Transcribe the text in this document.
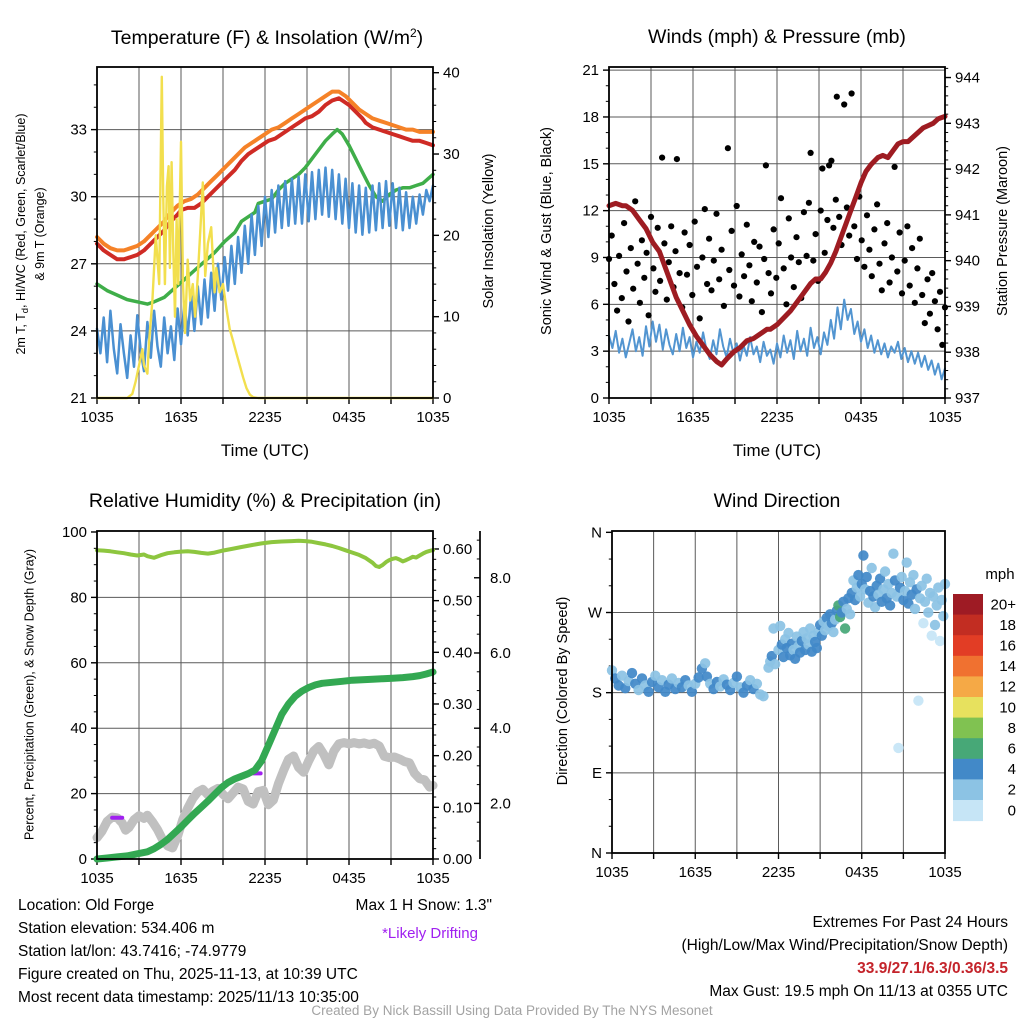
21
24
27
30
33
0
10
20
30
40
1035	1635	2235	0435	1035
0
3
6
9
12
15
18
21
937
938
939
940
941
942
943
944
1035	1635	2235	0435	1035
0
20
40
60
80
100
0.00
0.10
0.20
0.30
0.40
0.50
0.60
2.0
4.0
6.0
8.0
1035	1635	2235	0435	1035
N
E
S
W
N
1035	1635	2235	0435	1035
20+
18
16
14
12
10
8
6
4
2
0
Temperature (F) & Insolation $(W/m^2)$	Winds (mph) & Pressure (mb)
Relative Humidity (%) & Precipitation (in)	Wind Direction
2m T, $T_d$, HI/WC (Red, Green, Scarlet/Blue) & 9m T (Orange)	Solar Insolation (Yellow)	Sonic Wind & Gust (Blue, Black)	Station Pressure (Maroon)
Percent, Precipitation (Green), & Snow Depth (Gray)	Direction (Colored By Speed)
Time (UTC)	Time (UTC)
mph
Location: Old Forge
Station elevation: 534.406 m
Station lat/lon: 43.7416; -74.9779
Figure created on Thu, 2025-11-13, at 10:39 UTC
Most recent data timestamp: 2025/11/13 10:35:00
Max 1 H Snow: 1.3"
*Likely Drifting
Extremes For Past 24 Hours
(High/Low/Max Wind/Precipitation/Snow Depth)
33.9/27.1/6.3/0.36/3.5
Max Gust: 19.5 mph On 11/13 at 0355 UTC
Created By Nick Bassill Using Data Provided By The NYS Mesonet
